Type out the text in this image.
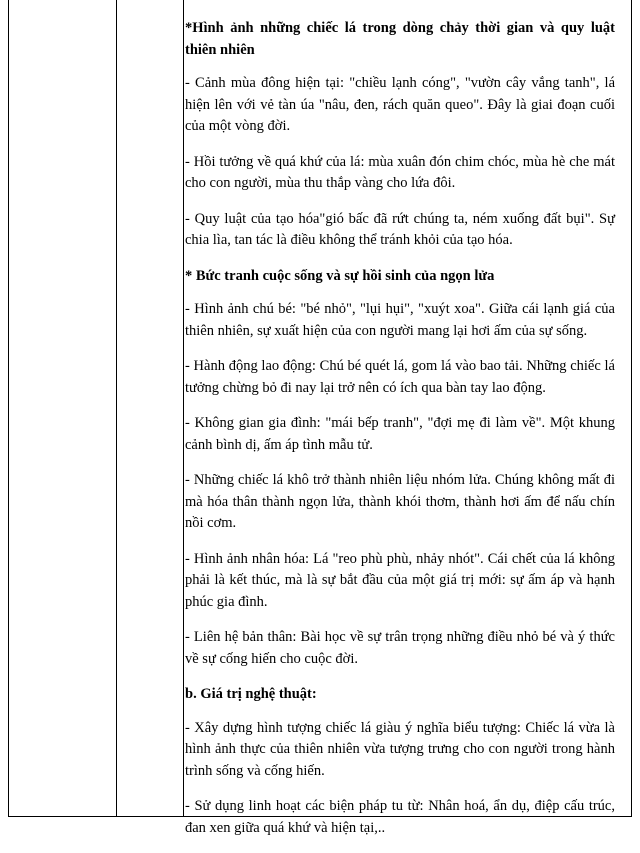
*Hình ảnh những chiếc lá trong dòng chảy thời gian và quy luật thiên nhiên

- Cảnh mùa đông hiện tại: "chiều lạnh cóng", "vườn cây vắng tanh", lá hiện lên với vẻ tàn úa "nâu, đen, rách quăn queo". Đây là giai đoạn cuối của một vòng đời.

- Hồi tưởng về quá khứ của lá: mùa xuân đón chim chóc, mùa hè che mát cho con người, mùa thu thắp vàng cho lứa đôi.

- Quy luật của tạo hóa"gió bấc đã rứt chúng ta, ném xuống đất bụi". Sự chia lìa, tan tác là điều không thể tránh khỏi của tạo hóa.

* Bức tranh cuộc sống và sự hồi sinh của ngọn lửa

- Hình ảnh chú bé: "bé nhỏ", "lụi hụi", "xuýt xoa". Giữa cái lạnh giá của thiên nhiên, sự xuất hiện của con người mang lại hơi ấm của sự sống.

- Hành động lao động: Chú bé quét lá, gom lá vào bao tải. Những chiếc lá tưởng chừng bỏ đi nay lại trở nên có ích qua bàn tay lao động.

- Không gian gia đình: "mái bếp tranh", "đợi mẹ đi làm về". Một khung cảnh bình dị, ấm áp tình mẫu tử.

- Những chiếc lá khô trở thành nhiên liệu nhóm lửa. Chúng không mất đi mà hóa thân thành ngọn lửa, thành khói thơm, thành hơi ấm để nấu chín nồi cơm.

- Hình ảnh nhân hóa: Lá "reo phù phù, nhảy nhót". Cái chết của lá không phải là kết thúc, mà là sự bắt đầu của một giá trị mới: sự ấm áp và hạnh phúc gia đình.

- Liên hệ bản thân: Bài học về sự trân trọng những điều nhỏ bé và ý thức về sự cống hiến cho cuộc đời.

b. Giá trị nghệ thuật:

- Xây dựng hình tượng chiếc lá giàu ý nghĩa biểu tượng: Chiếc lá vừa là hình ảnh thực của thiên nhiên vừa tượng trưng cho con người trong hành trình sống và cống hiến.

- Sử dụng linh hoạt các biện pháp tu từ: Nhân hoá, ẩn dụ, điệp cấu trúc, đan xen giữa quá khứ và hiện tại,..
